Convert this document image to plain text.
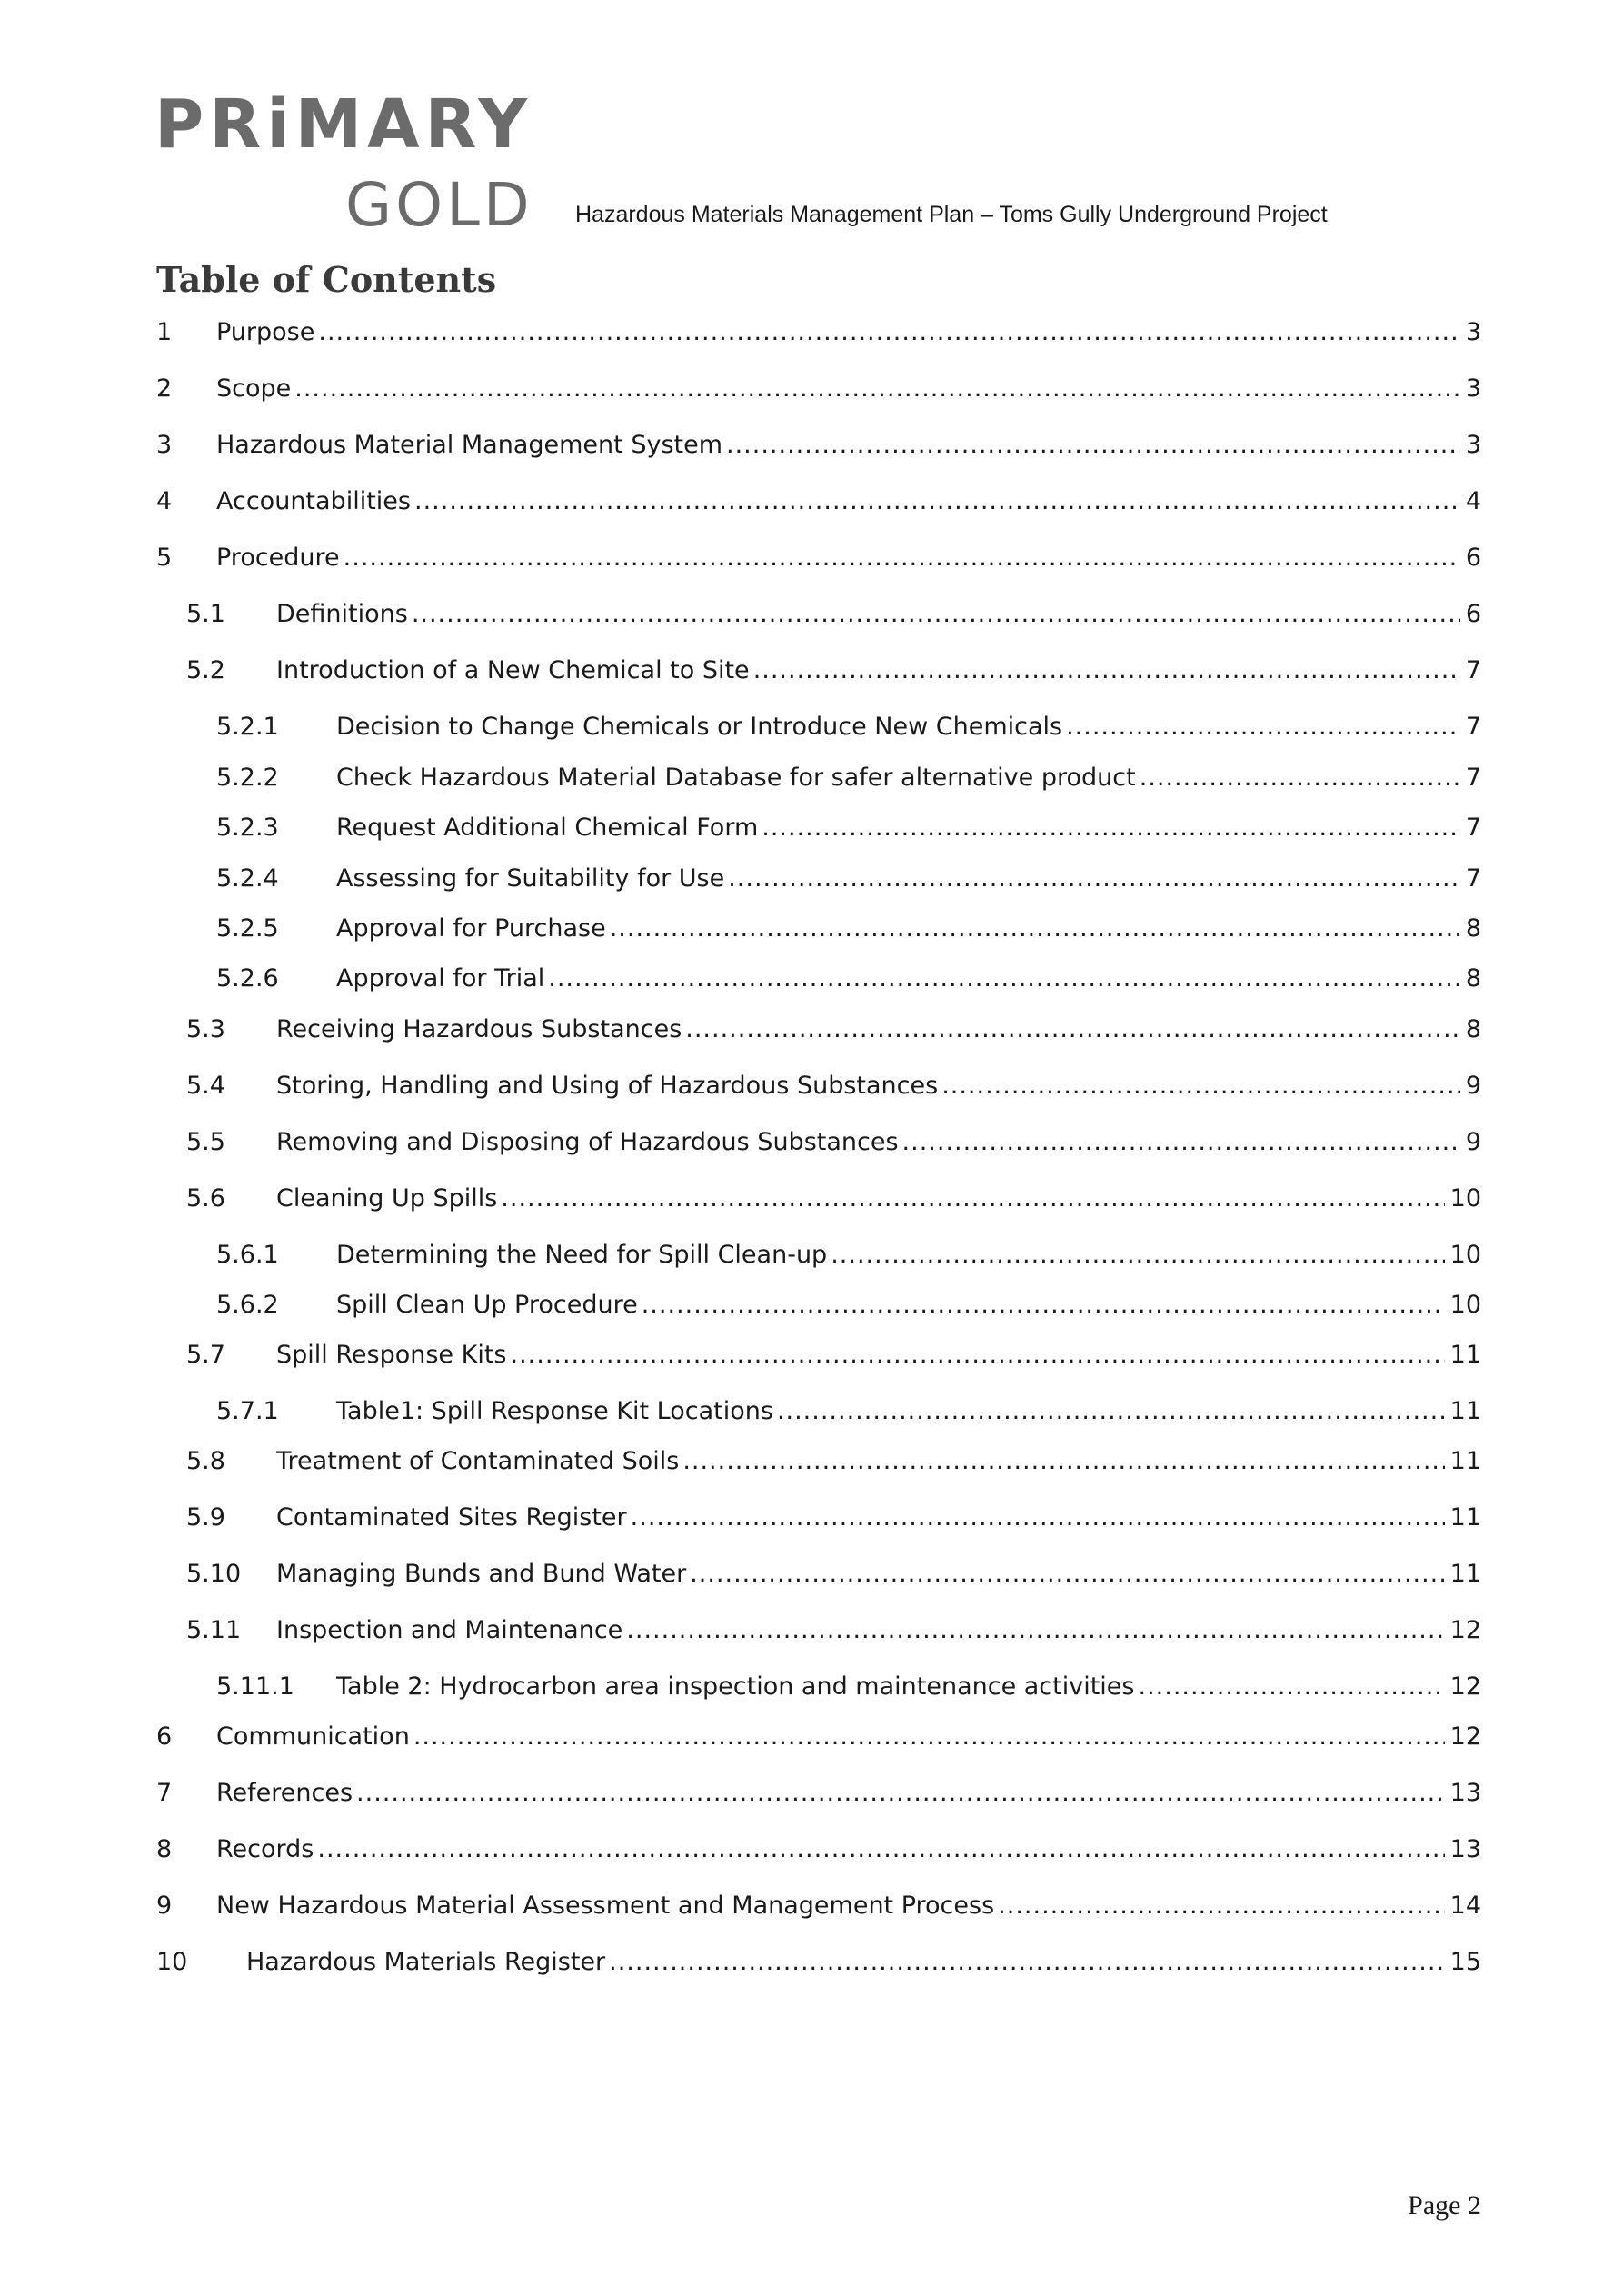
PRiMARY
GOLD Hazardous Materials Management Plan – Toms Gully Underground Project
Table of Contents
1 Purpose .....	3
2 Scope .....	3
3 Hazardous Material Management System .....	3
4 Accountabilities .....	4
5 Procedure .....	6
5.1 Definitions .....	6
5.2 Introduction of a New Chemical to Site .....	7
5.2.1 Decision to Change Chemicals or Introduce New Chemicals .....	7
5.2.2 Check Hazardous Material Database for safer alternative product .....	7
5.2.3 Request Additional Chemical Form .....	7
5.2.4 Assessing for Suitability for Use .....	7
5.2.5 Approval for Purchase .....	8
5.2.6 Approval for Trial .....	8
5.3 Receiving Hazardous Substances .....	8
5.4 Storing, Handling and Using of Hazardous Substances .....	9
5.5 Removing and Disposing of Hazardous Substances .....	9
5.6 Cleaning Up Spills .....	10
5.6.1 Determining the Need for Spill Clean-up .....	10
5.6.2 Spill Clean Up Procedure .....	10
5.7 Spill Response Kits .....	11
5.7.1 Table1: Spill Response Kit Locations .....	11
5.8 Treatment of Contaminated Soils .....	11
5.9 Contaminated Sites Register .....	11
5.10 Managing Bunds and Bund Water .....	11
5.11 Inspection and Maintenance .....	12
5.11.1 Table 2: Hydrocarbon area inspection and maintenance activities .....	12
6 Communication .....	12
7 References .....	13
8 Records .....	13
9 New Hazardous Material Assessment and Management Process .....	14
10 Hazardous Materials Register .....	15
Page 2
